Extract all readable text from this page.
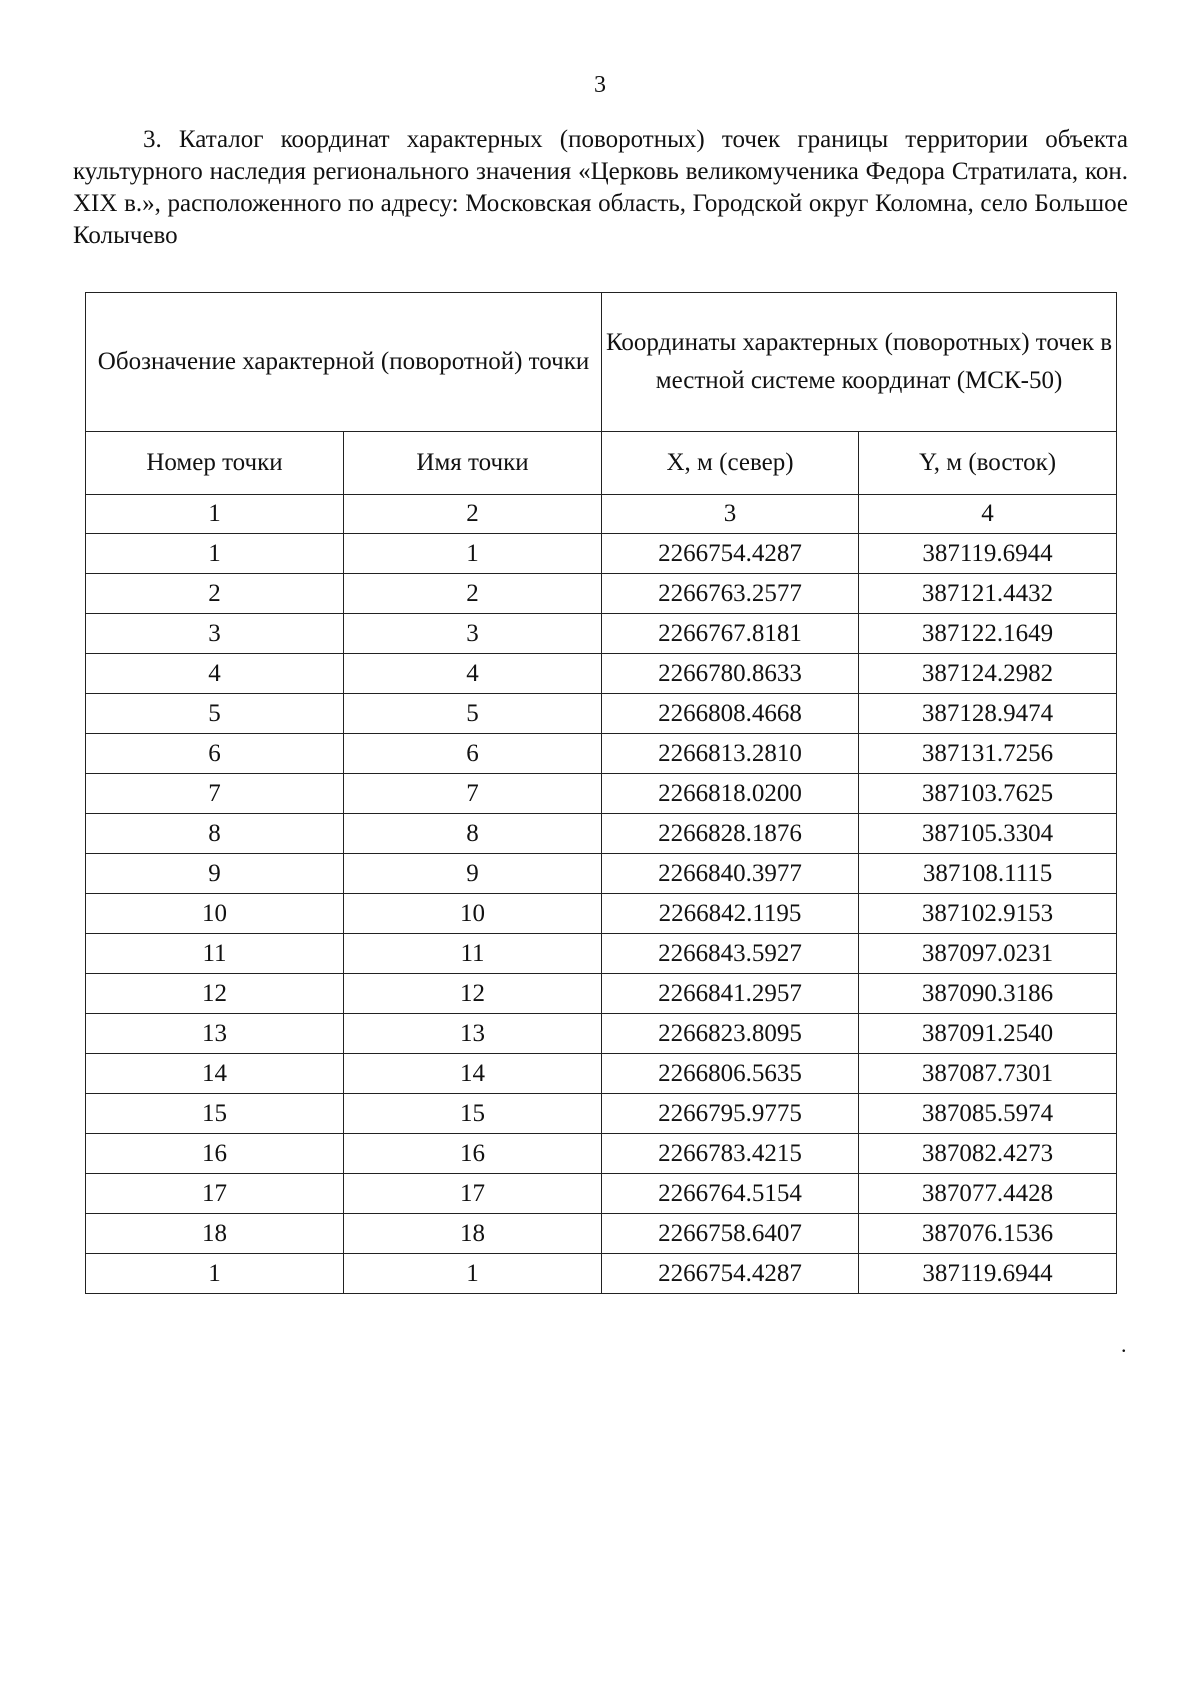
3
3. Каталог координат характерных (поворотных) точек границы территории объекта культурного наследия регионального значения «Церковь великомученика Федора Стратилата, кон. XIX в.», расположенного по адресу: Московская область, Городской округ Коломна, село Большое Колычево
Обозначение характерной (поворотной) точки		Координаты характерных (поворотных) точек в местной системе координат (МСК-50)	
Номер точки	Имя точки	X, м (север)	Y, м (восток)
1	2	3	4
1	1	2266754.4287	387119.6944
2	2	2266763.2577	387121.4432
3	3	2266767.8181	387122.1649
4	4	2266780.8633	387124.2982
5	5	2266808.4668	387128.9474
6	6	2266813.2810	387131.7256
7	7	2266818.0200	387103.7625
8	8	2266828.1876	387105.3304
9	9	2266840.3977	387108.1115
10	10	2266842.1195	387102.9153
11	11	2266843.5927	387097.0231
12	12	2266841.2957	387090.3186
13	13	2266823.8095	387091.2540
14	14	2266806.5635	387087.7301
15	15	2266795.9775	387085.5974
16	16	2266783.4215	387082.4273
17	17	2266764.5154	387077.4428
18	18	2266758.6407	387076.1536
1	1	2266754.4287	387119.6944
.
